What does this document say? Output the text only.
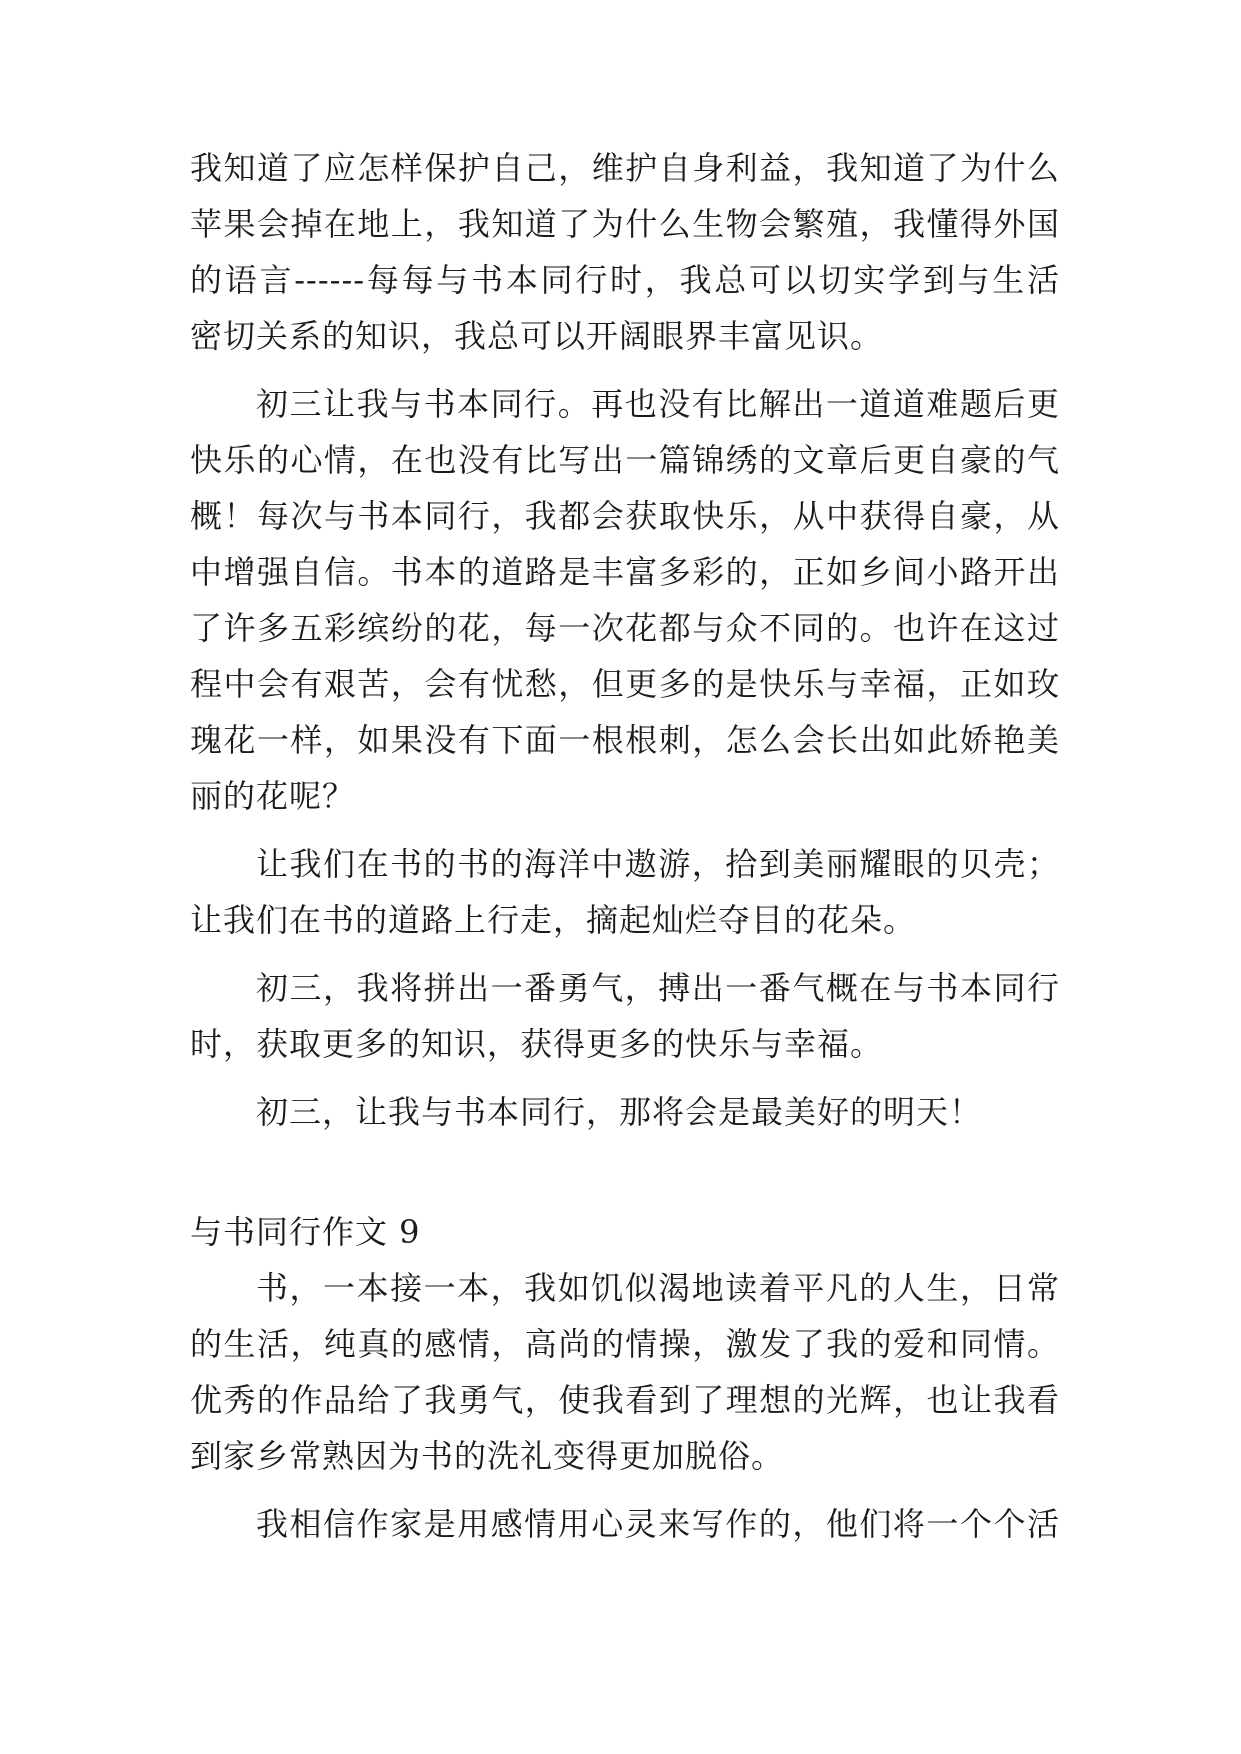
我知道了应怎样保护自己，维护自身利益，我知道了为什么
苹果会掉在地上，我知道了为什么生物会繁殖，我懂得外国
的语言------每每与书本同行时，我总可以切实学到与生活
密切关系的知识，我总可以开阔眼界丰富见识。
初三让我与书本同行。再也没有比解出一道道难题后更
快乐的心情，在也没有比写出一篇锦绣的文章后更自豪的气
概！每次与书本同行，我都会获取快乐，从中获得自豪，从
中增强自信。书本的道路是丰富多彩的，正如乡间小路开出
了许多五彩缤纷的花，每一次花都与众不同的。也许在这过
程中会有艰苦，会有忧愁，但更多的是快乐与幸福，正如玫
瑰花一样，如果没有下面一根根刺，怎么会长出如此娇艳美
丽的花呢？
让我们在书的书的海洋中遨游，拾到美丽耀眼的贝壳；
让我们在书的道路上行走，摘起灿烂夺目的花朵。
初三，我将拼出一番勇气，搏出一番气概在与书本同行
时，获取更多的知识，获得更多的快乐与幸福。
初三，让我与书本同行，那将会是最美好的明天！
与书同行作文 9
书，一本接一本，我如饥似渴地读着平凡的人生，日常
的生活，纯真的感情，高尚的情操，激发了我的爱和同情。
优秀的作品给了我勇气，使我看到了理想的光辉，也让我看
到家乡常熟因为书的洗礼变得更加脱俗。
我相信作家是用感情用心灵来写作的，他们将一个个活
